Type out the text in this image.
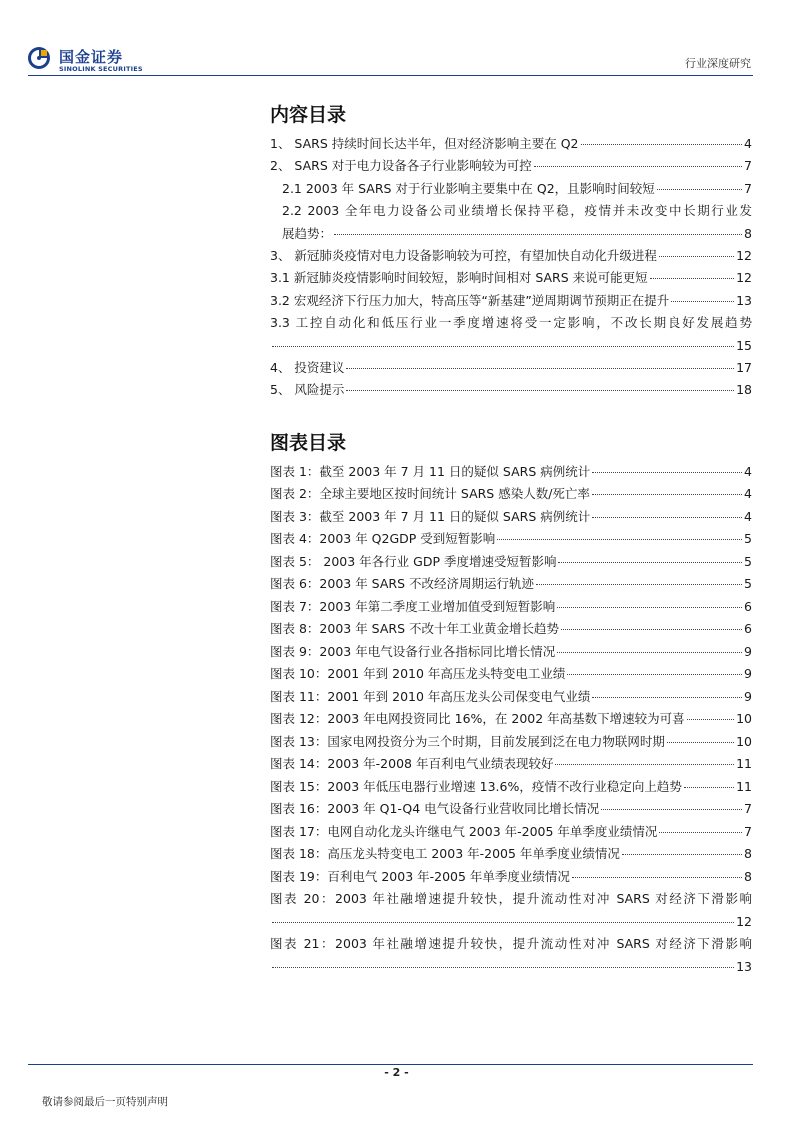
国金证券
SINOLINK SECURITIES	行业深度研究
内容目录
1、 SARS 持续时间长达半年，但对经济影响主要在 Q2	4
2、 SARS 对于电力设备各子行业影响较为可控	7
2.1 2003 年 SARS 对于行业影响主要集中在 Q2，且影响时间较短	7
2.2 2003 全年电力设备公司业绩增长保持平稳，疫情并未改变中长期行业发
展趋势：	8
3、 新冠肺炎疫情对电力设备影响较为可控，有望加快自动化升级进程	12
3.1 新冠肺炎疫情影响时间较短，影响时间相对 SARS 来说可能更短	12
3.2 宏观经济下行压力加大，特高压等“新基建”逆周期调节预期正在提升	13
3.3 工控自动化和低压行业一季度增速将受一定影响，不改长期良好发展趋势
15
4、 投资建议	17
5、 风险提示	18
图表目录
图表 1：截至 2003 年 7 月 11 日的疑似 SARS 病例统计	4
图表 2：全球主要地区按时间统计 SARS 感染人数/死亡率	4
图表 3：截至 2003 年 7 月 11 日的疑似 SARS 病例统计	4
图表 4：2003 年 Q2GDP 受到短暂影响	5
图表 5： 2003 年各行业 GDP 季度增速受短暂影响	5
图表 6：2003 年 SARS 不改经济周期运行轨迹	5
图表 7：2003 年第二季度工业增加值受到短暂影响	6
图表 8：2003 年 SARS 不改十年工业黄金增长趋势	6
图表 9：2003 年电气设备行业各指标同比增长情况	9
图表 10：2001 年到 2010 年高压龙头特变电工业绩	9
图表 11：2001 年到 2010 年高压龙头公司保变电气业绩	9
图表 12：2003 年电网投资同比 16%，在 2002 年高基数下增速较为可喜	10
图表 13：国家电网投资分为三个时期，目前发展到泛在电力物联网时期	10
图表 14：2003 年-2008 年百利电气业绩表现较好	11
图表 15：2003 年低压电器行业增速 13.6%，疫情不改行业稳定向上趋势	11
图表 16：2003 年 Q1-Q4 电气设备行业营收同比增长情况	7
图表 17：电网自动化龙头许继电气 2003 年-2005 年单季度业绩情况	7
图表 18：高压龙头特变电工 2003 年-2005 年单季度业绩情况	8
图表 19：百利电气 2003 年-2005 年单季度业绩情况	8
图表 20：2003 年社融增速提升较快，提升流动性对冲 SARS 对经济下滑影响
12
图表 21：2003 年社融增速提升较快，提升流动性对冲 SARS 对经济下滑影响
13
- 2 -
敬请参阅最后一页特别声明
